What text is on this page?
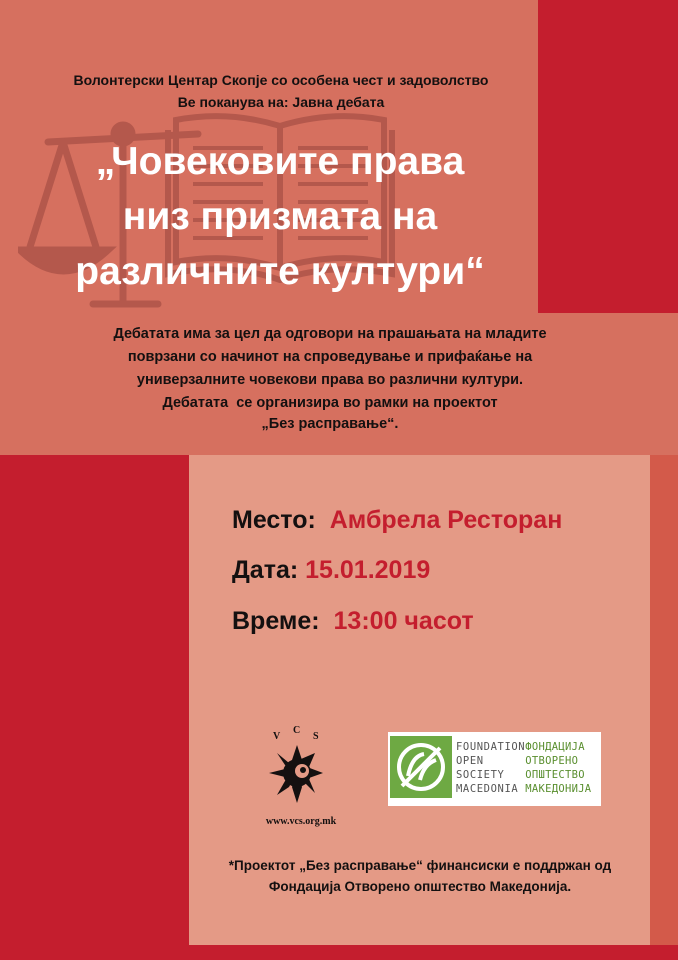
Волонтерски Центар Скопје со особена чест и задоволство
Ве поканува на: Јавна дебата
„Човековите права
низ призмата на
различните култури“
Дебатата има за цел да одговори на прашањата на младите
поврзани со начинот на спроведување и прифаќање на
универзалните човекови права во различни култури.
Дебатата  се организира во рамки на проектот
„Без расправање“.
Место: Амбрела Ресторан
Дата: 15.01.2019
Време: 13:00 часот
V
C
S
www.vcs.org.mk
FOUNDATIONФОНДАЦИЈА
OPEN      ОТВОРЕНО
SOCIETY   ОПШТЕСТВО
MACEDONIA МАКЕДОНИЈА
*Проектот „Без расправање“ финансиски е поддржан од
Фондација Отворено општество Македонија.
